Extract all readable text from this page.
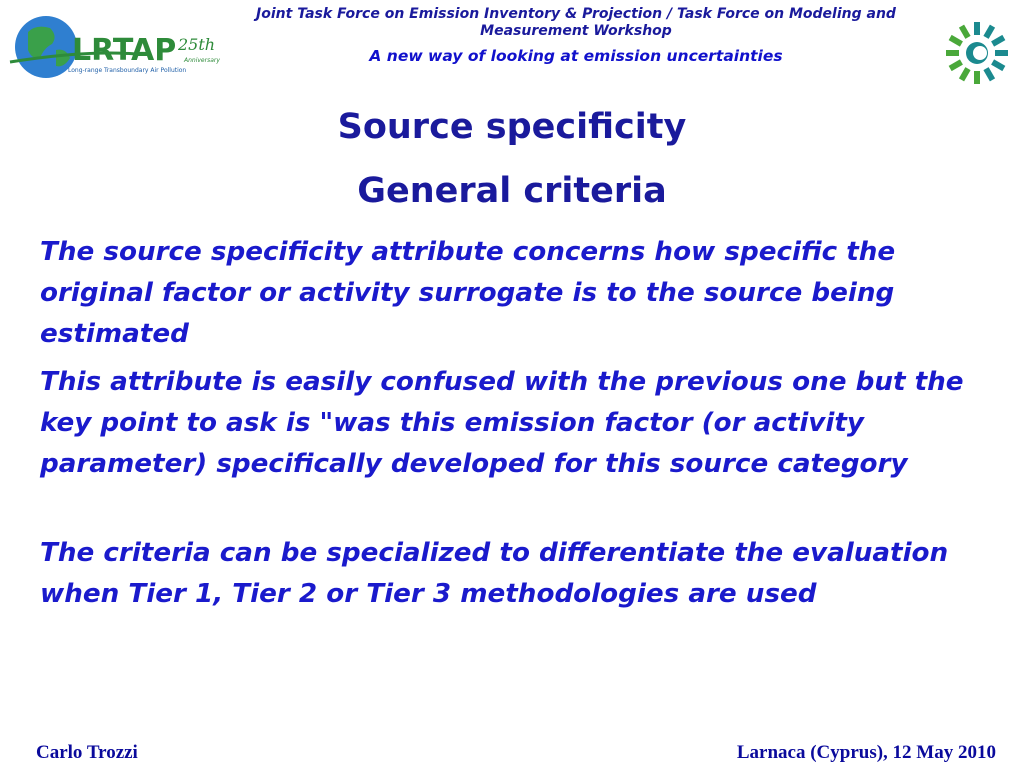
LRTAP 25th
Anniversary
Long-range Transboundary Air Pollution
Joint Task Force on Emission Inventory & Projection / Task Force on Modeling and Measurement Workshop
A new way of looking at emission uncertainties
Source specificity
General criteria
The source specificity attribute concerns how specific the original factor or activity surrogate is to the source being estimated
This attribute is easily confused with the previous one but the key point to ask is "was this emission factor (or activity parameter) specifically developed for this source category
The criteria can be specialized to differentiate the evaluation when Tier 1, Tier 2 or Tier 3 methodologies are used
Carlo Trozzi	Larnaca (Cyprus), 12 May 2010
